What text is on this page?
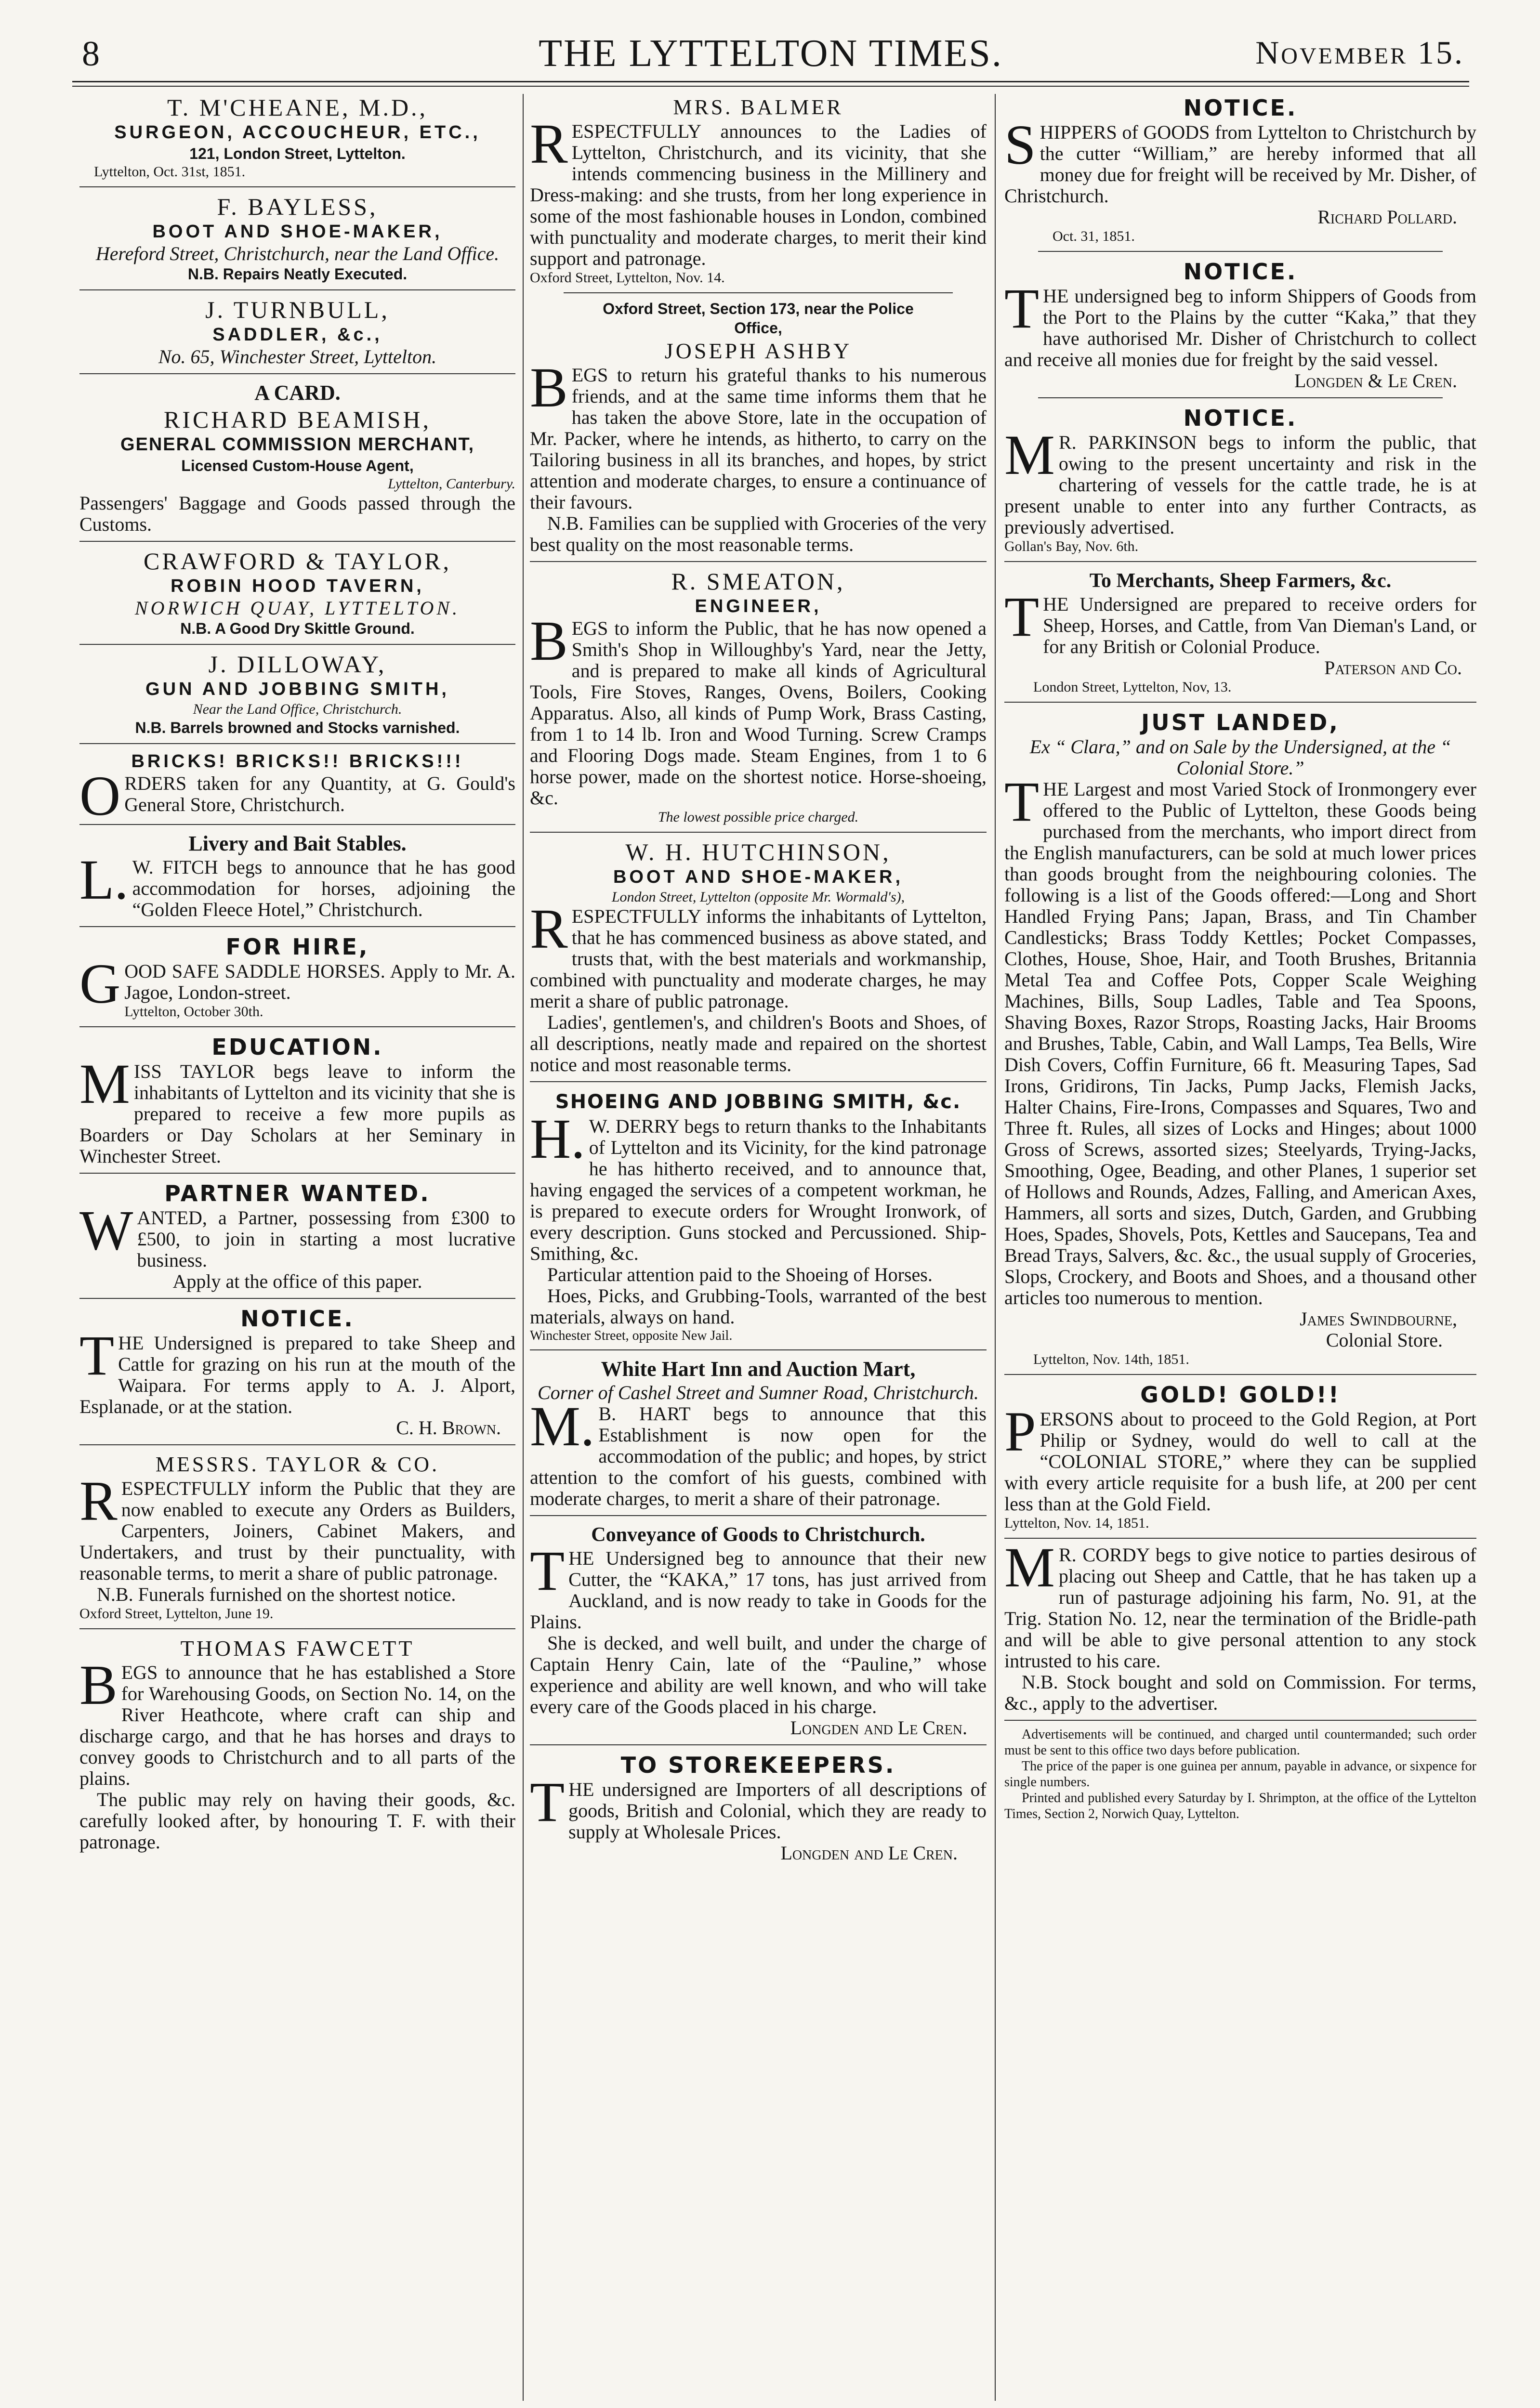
8	THE LYTTELTON TIMES.	November 15.
T. M'CHEANE, M.D.,
SURGEON, ACCOUCHEUR, ETC.,
121, London Street, Lyttelton.
Lyttelton, Oct. 31st, 1851.
F. BAYLESS,
BOOT AND SHOE-MAKER,
Hereford Street, Christchurch, near the Land Office.
N.B. Repairs Neatly Executed.
J. TURNBULL,
SADDLER, &c.,
No. 65, Winchester Street, Lyttelton.
A CARD.
RICHARD BEAMISH,
GENERAL COMMISSION MERCHANT,
Licensed Custom-House Agent,
Lyttelton, Canterbury.

Passengers' Baggage and Goods passed through the Customs.

CRAWFORD & TAYLOR,
ROBIN HOOD TAVERN,
NORWICH QUAY, LYTTELTON.
N.B. A Good Dry Skittle Ground.
J. DILLOWAY,
GUN AND JOBBING SMITH,
Near the Land Office, Christchurch.
N.B. Barrels browned and Stocks varnished.
BRICKS! BRICKS!! BRICKS!!!

ORDERS taken for any Quantity, at G. Gould's General Store, Christchurch.

Livery and Bait Stables.

L. W. FITCH begs to announce that he has good accommodation for horses, adjoining the “Golden Fleece Hotel,” Christchurch.

FOR HIRE,

GOOD SAFE SADDLE HORSES. Apply to Mr. A. Jagoe, London-street.

Lyttelton, October 30th.
EDUCATION.

MISS TAYLOR begs leave to inform the inhabitants of Lyttelton and its vicinity that she is prepared to receive a few more pupils as Boarders or Day Scholars at her Seminary in Winchester Street.

PARTNER WANTED.

WANTED, a Partner, possessing from £300 to £500, to join in starting a most lucrative business.

Apply at the office of this paper.
NOTICE.

THE Undersigned is prepared to take Sheep and Cattle for grazing on his run at the mouth of the Waipara. For terms apply to A. J. Alport, Esplanade, or at the station.

C. H. Brown.
MESSRS. TAYLOR & CO.

RESPECTFULLY inform the Public that they are now enabled to execute any Orders as Builders, Carpenters, Joiners, Cabinet Makers, and Undertakers, and trust by their punctuality, with reasonable terms, to merit a share of public patronage.

N.B. Funerals furnished on the shortest notice.

Oxford Street, Lyttelton, June 19.
THOMAS FAWCETT

BEGS to announce that he has established a Store for Warehousing Goods, on Section No. 14, on the River Heathcote, where craft can ship and discharge cargo, and that he has horses and drays to convey goods to Christchurch and to all parts of the plains.

The public may rely on having their goods, &c. carefully looked after, by honouring T. F. with their patronage.

MRS. BALMER

RESPECTFULLY announces to the Ladies of Lyttelton, Christchurch, and its vicinity, that she intends commencing business in the Millinery and Dress-making: and she trusts, from her long experience in some of the most fashionable houses in London, combined with punctuality and moderate charges, to merit their kind support and patronage.

Oxford Street, Lyttelton, Nov. 14.
Oxford Street, Section 173, near the Police Office,
JOSEPH ASHBY

BEGS to return his grateful thanks to his numerous friends, and at the same time informs them that he has taken the above Store, late in the occupation of Mr. Packer, where he intends, as hitherto, to carry on the Tailoring business in all its branches, and hopes, by strict attention and moderate charges, to ensure a continuance of their favours.

N.B. Families can be supplied with Groceries of the very best quality on the most reasonable terms.

R. SMEATON,
ENGINEER,

BEGS to inform the Public, that he has now opened a Smith's Shop in Willoughby's Yard, near the Jetty, and is prepared to make all kinds of Agricultural Tools, Fire Stoves, Ranges, Ovens, Boilers, Cooking Apparatus. Also, all kinds of Pump Work, Brass Casting, from 1 to 14 lb. Iron and Wood Turning. Screw Cramps and Flooring Dogs made. Steam Engines, from 1 to 6 horse power, made on the shortest notice. Horse-shoeing, &c.

The lowest possible price charged.
W. H. HUTCHINSON,
BOOT AND SHOE-MAKER,
London Street, Lyttelton (opposite Mr. Wormald's),

RESPECTFULLY informs the inhabitants of Lyttelton, that he has commenced business as above stated, and trusts that, with the best materials and workmanship, combined with punctuality and moderate charges, he may merit a share of public patronage.

Ladies', gentlemen's, and children's Boots and Shoes, of all descriptions, neatly made and repaired on the shortest notice and most reasonable terms.

SHOEING AND JOBBING SMITH, &c.

H. W. DERRY begs to return thanks to the Inhabitants of Lyttelton and its Vicinity, for the kind patronage he has hitherto received, and to announce that, having engaged the services of a competent workman, he is prepared to execute orders for Wrought Ironwork, of every description. Guns stocked and Percussioned. Ship-Smithing, &c.

Particular attention paid to the Shoeing of Horses.

Hoes, Picks, and Grubbing-Tools, warranted of the best materials, always on hand.

Winchester Street, opposite New Jail.
White Hart Inn and Auction Mart,
Corner of Cashel Street and Sumner Road, Christchurch.

M. B. HART begs to announce that this Establishment is now open for the accommodation of the public; and hopes, by strict attention to the comfort of his guests, combined with moderate charges, to merit a share of their patronage.

Conveyance of Goods to Christchurch.

THE Undersigned beg to announce that their new Cutter, the “KAKA,” 17 tons, has just arrived from Auckland, and is now ready to take in Goods for the Plains.

She is decked, and well built, and under the charge of Captain Henry Cain, late of the “Pauline,” whose experience and ability are well known, and who will take every care of the Goods placed in his charge.

Longden and Le Cren.
TO STOREKEEPERS.

THE undersigned are Importers of all descriptions of goods, British and Colonial, which they are ready to supply at Wholesale Prices.

Longden and Le Cren.
NOTICE.

SHIPPERS of GOODS from Lyttelton to Christchurch by the cutter “William,” are hereby informed that all money due for freight will be received by Mr. Disher, of Christchurch.

Richard Pollard.
Oct. 31, 1851.
NOTICE.

THE undersigned beg to inform Shippers of Goods from the Port to the Plains by the cutter “Kaka,” that they have authorised Mr. Disher of Christchurch to collect and receive all monies due for freight by the said vessel.

Longden & Le Cren.
NOTICE.

M R. PARKINSON begs to inform the public, that owing to the present uncertainty and risk in the chartering of vessels for the cattle trade, he is at present unable to enter into any further Contracts, as previously advertised.

Gollan's Bay, Nov. 6th.
To Merchants, Sheep Farmers, &c.

THE Undersigned are prepared to receive orders for Sheep, Horses, and Cattle, from Van Dieman's Land, or for any British or Colonial Produce.

Paterson and Co.
London Street, Lyttelton, Nov, 13.
JUST LANDED,
Ex “ Clara,” and on Sale by the Undersigned, at the “ Colonial Store.”

THE Largest and most Varied Stock of Ironmongery ever offered to the Public of Lyttelton, these Goods being purchased from the merchants, who import direct from the English manufacturers, can be sold at much lower prices than goods brought from the neighbouring colonies. The following is a list of the Goods offered:—Long and Short Handled Frying Pans; Japan, Brass, and Tin Chamber Candlesticks; Brass Toddy Kettles; Pocket Compasses, Clothes, House, Shoe, Hair, and Tooth Brushes, Britannia Metal Tea and Coffee Pots, Copper Scale Weighing Machines, Bills, Soup Ladles, Table and Tea Spoons, Shaving Boxes, Razor Strops, Roasting Jacks, Hair Brooms and Brushes, Table, Cabin, and Wall Lamps, Tea Bells, Wire Dish Covers, Coffin Furniture, 66 ft. Measuring Tapes, Sad Irons, Gridirons, Tin Jacks, Pump Jacks, Flemish Jacks, Halter Chains, Fire-Irons, Compasses and Squares, Two and Three ft. Rules, all sizes of Locks and Hinges; about 1000 Gross of Screws, assorted sizes; Steelyards, Trying-Jacks, Smoothing, Ogee, Beading, and other Planes, 1 superior set of Hollows and Rounds, Adzes, Falling, and American Axes, Hammers, all sorts and sizes, Dutch, Garden, and Grubbing Hoes, Spades, Shovels, Pots, Kettles and Saucepans, Tea and Bread Trays, Salvers, &c. &c., the usual supply of Groceries, Slops, Crockery, and Boots and Shoes, and a thousand other articles too numerous to mention.

James Swindbourne,
Colonial Store.
Lyttelton, Nov. 14th, 1851.
GOLD! GOLD!!

PERSONS about to proceed to the Gold Region, at Port Philip or Sydney, would do well to call at the “COLONIAL STORE,” where they can be supplied with every article requisite for a bush life, at 200 per cent less than at the Gold Field.

Lyttelton, Nov. 14, 1851.

M R. CORDY begs to give notice to parties desirous of placing out Sheep and Cattle, that he has taken up a run of pasturage adjoining his farm, No. 91, at the Trig. Station No. 12, near the termination of the Bridle-path and will be able to give personal attention to any stock intrusted to his care.

N.B. Stock bought and sold on Commission. For terms, &c., apply to the advertiser.

Advertisements will be continued, and charged until countermanded; such order must be sent to this office two days before publication.

The price of the paper is one guinea per annum, payable in advance, or sixpence for single numbers.

Printed and published every Saturday by I. Shrimpton, at the office of the Lyttelton Times, Section 2, Norwich Quay, Lyttelton.
